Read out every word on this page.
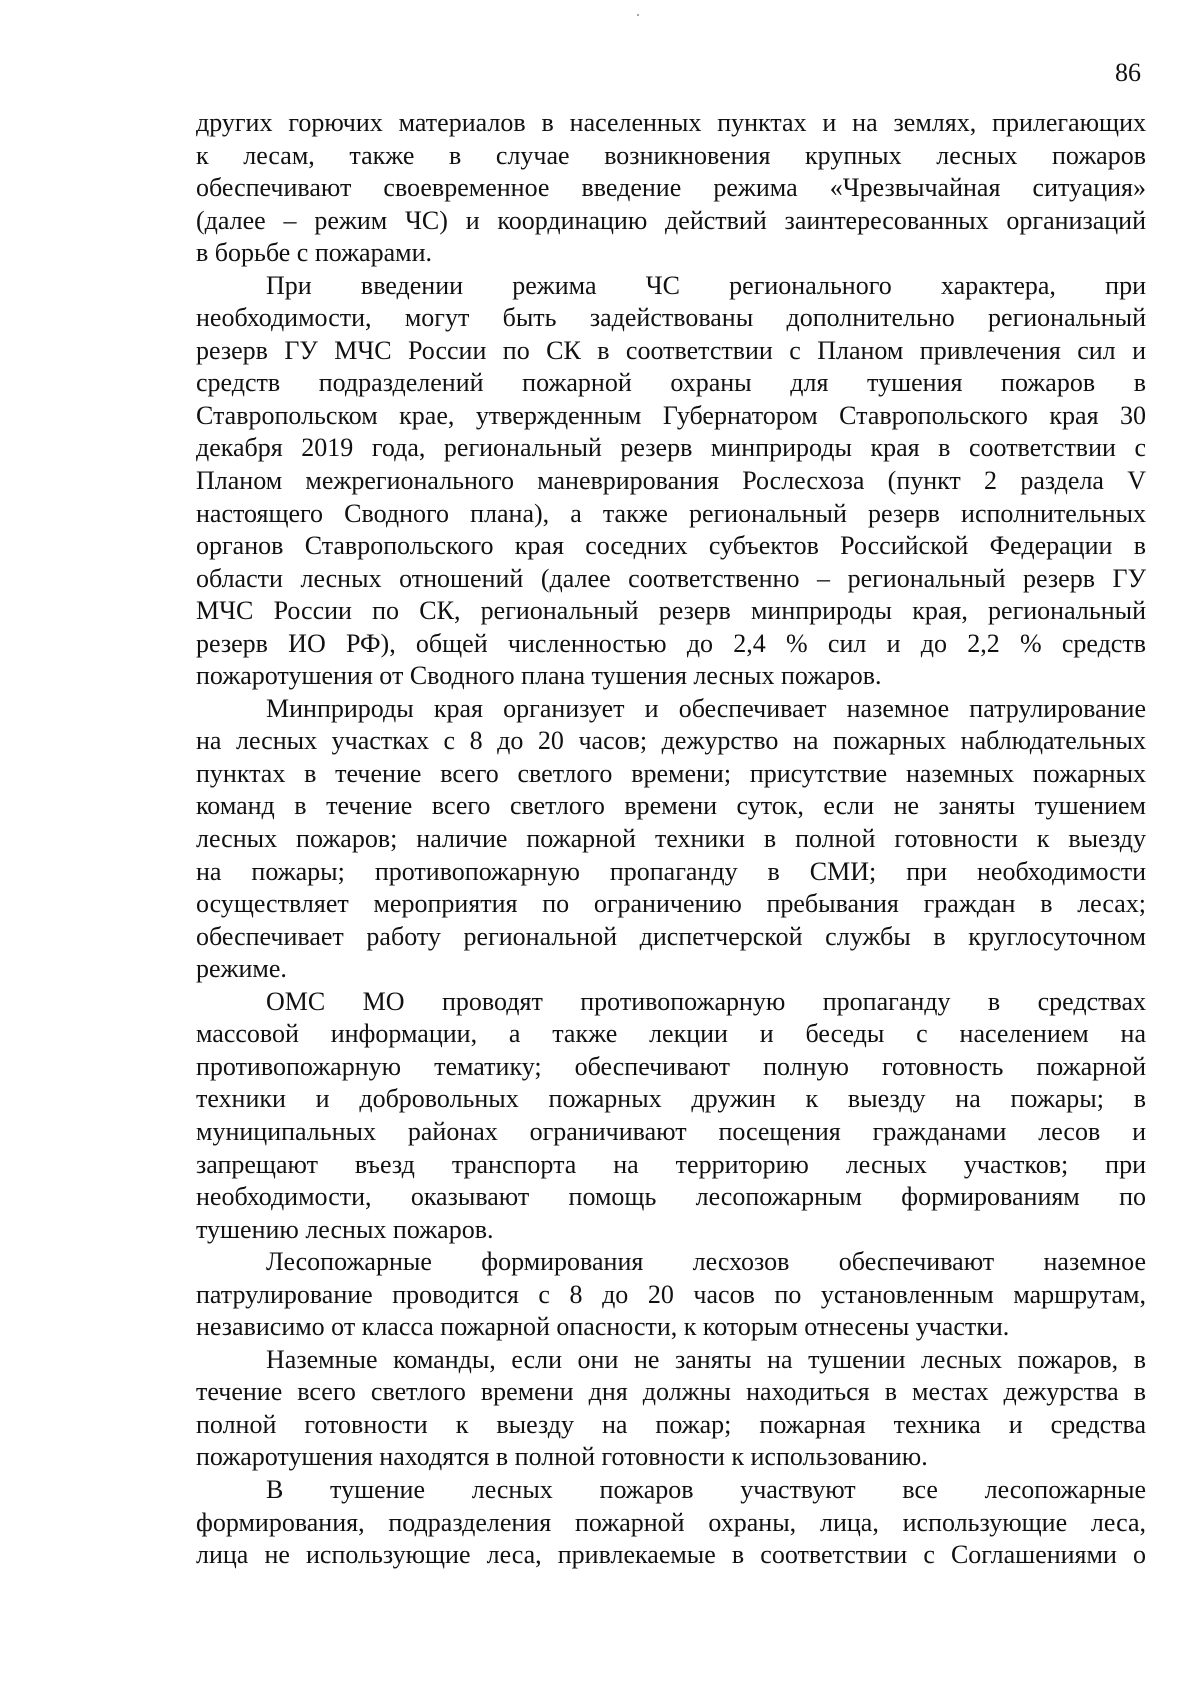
86
других горючих материалов в населенных пунктах и на землях, прилегающих
к лесам, также в случае возникновения крупных лесных пожаров
обеспечивают своевременное введение режима «Чрезвычайная ситуация»
(далее – режим ЧС) и координацию действий заинтересованных организаций
в борьбе с пожарами.
При введении режима ЧС регионального характера, при
необходимости, могут быть задействованы дополнительно региональный
резерв ГУ МЧС России по СК в соответствии с Планом привлечения сил и
средств подразделений пожарной охраны для тушения пожаров в
Ставропольском крае, утвержденным Губернатором Ставропольского края 30
декабря 2019 года, региональный резерв минприроды края в соответствии с
Планом межрегионального маневрирования Рослесхоза (пункт 2 раздела V
настоящего Сводного плана), а также региональный резерв исполнительных
органов Ставропольского края соседних субъектов Российской Федерации в
области лесных отношений (далее соответственно – региональный резерв ГУ
МЧС России по СК, региональный резерв минприроды края, региональный
резерв ИО РФ), общей численностью до 2,4 % сил и до 2,2 % средств
пожаротушения от Сводного плана тушения лесных пожаров.
Минприроды края организует и обеспечивает наземное патрулирование
на лесных участках с 8 до 20 часов; дежурство на пожарных наблюдательных
пунктах в течение всего светлого времени; присутствие наземных пожарных
команд в течение всего светлого времени суток, если не заняты тушением
лесных пожаров; наличие пожарной техники в полной готовности к выезду
на пожары; противопожарную пропаганду в СМИ; при необходимости
осуществляет мероприятия по ограничению пребывания граждан в лесах;
обеспечивает работу региональной диспетчерской службы в круглосуточном
режиме.
ОМС МО проводят противопожарную пропаганду в средствах
массовой информации, а также лекции и беседы с населением на
противопожарную тематику; обеспечивают полную готовность пожарной
техники и добровольных пожарных дружин к выезду на пожары; в
муниципальных районах ограничивают посещения гражданами лесов и
запрещают въезд транспорта на территорию лесных участков; при
необходимости, оказывают помощь лесопожарным формированиям по
тушению лесных пожаров.
Лесопожарные формирования лесхозов обеспечивают наземное
патрулирование проводится с 8 до 20 часов по установленным маршрутам,
независимо от класса пожарной опасности, к которым отнесены участки.
Наземные команды, если они не заняты на тушении лесных пожаров, в
течение всего светлого времени дня должны находиться в местах дежурства в
полной готовности к выезду на пожар; пожарная техника и средства
пожаротушения находятся в полной готовности к использованию.
В тушение лесных пожаров участвуют все лесопожарные
формирования, подразделения пожарной охраны, лица, использующие леса,
лица не использующие леса, привлекаемые в соответствии с Соглашениями о
